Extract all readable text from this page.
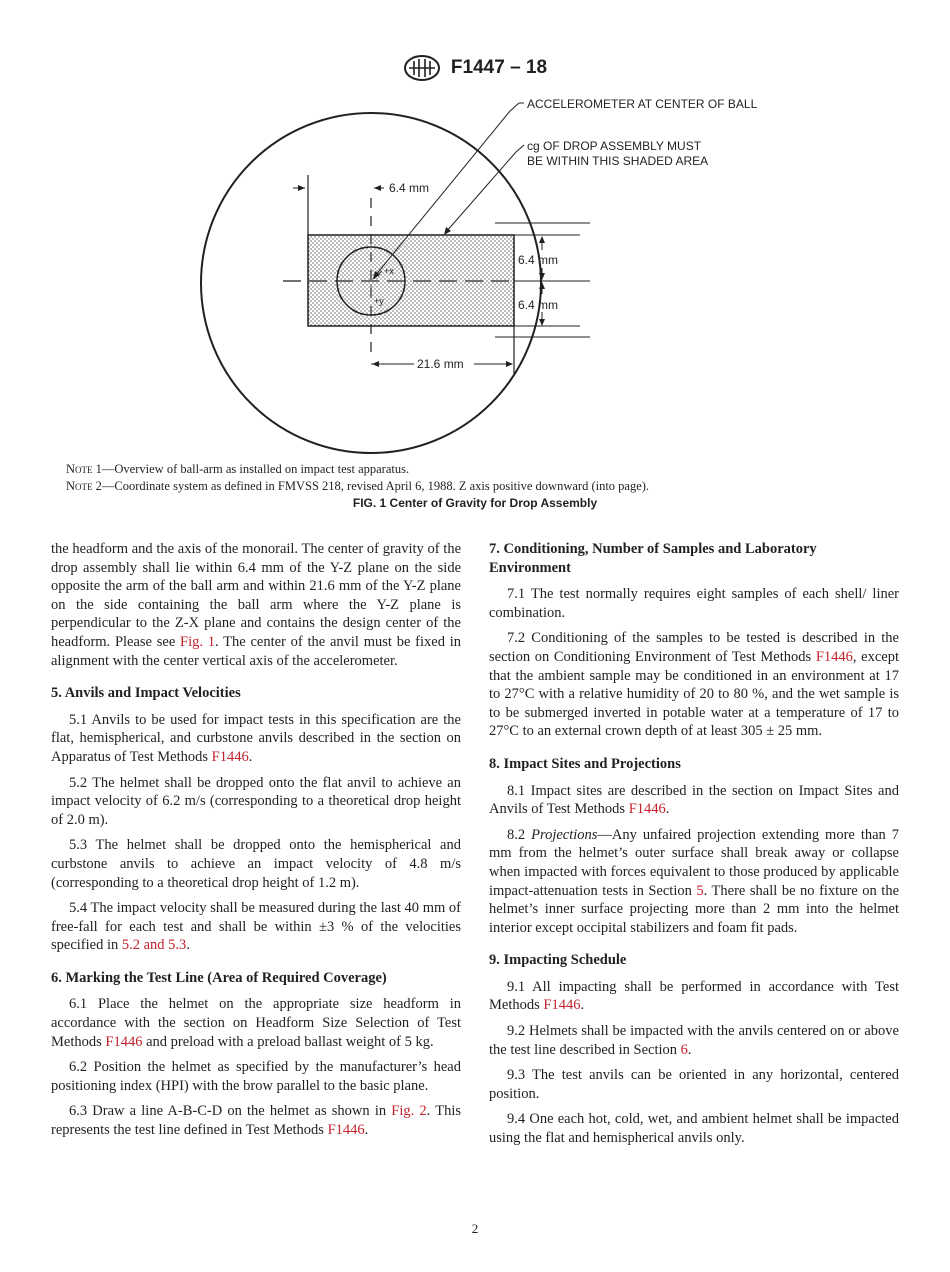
F1447 – 18
6.4 mm
6.4 mm
6.4 mm
21.6 mm
+x
+y
ACCELEROMETER AT CENTER OF BALL
cg OF DROP ASSEMBLY MUST
BE WITHIN THIS SHADED AREA
Note 1—Overview of ball-arm as installed on impact test apparatus.
Note 2—Coordinate system as defined in FMVSS 218, revised April 6, 1988. Z axis positive downward (into page).
FIG. 1 Center of Gravity for Drop Assembly

the headform and the axis of the monorail. The center of gravity of the drop assembly shall lie within 6.4 mm of the Y-Z plane on the side opposite the arm of the ball arm and within 21.6 mm of the Y-Z plane on the side containing the ball arm where the Y-Z plane is perpendicular to the Z-X plane and contains the design center of the headform. Please see Fig. 1. The center of the anvil must be fixed in alignment with the center vertical axis of the accelerometer.

5. Anvils and Impact Velocities

5.1 Anvils to be used for impact tests in this specification are the flat, hemispherical, and curbstone anvils described in the section on Apparatus of Test Methods F1446.

5.2 The helmet shall be dropped onto the flat anvil to achieve an impact velocity of 6.2 m/s (corresponding to a theoretical drop height of 2.0 m).

5.3 The helmet shall be dropped onto the hemispherical and curbstone anvils to achieve an impact velocity of 4.8 m/s (corresponding to a theoretical drop height of 1.2 m).

5.4 The impact velocity shall be measured during the last 40 mm of free-fall for each test and shall be within ±3 % of the velocities specified in 5.2 and 5.3.

6. Marking the Test Line (Area of Required Coverage)

6.1 Place the helmet on the appropriate size headform in accordance with the section on Headform Size Selection of Test Methods F1446 and preload with a preload ballast weight of 5 kg.

6.2 Position the helmet as specified by the manufacturer’s head positioning index (HPI) with the brow parallel to the basic plane.

6.3 Draw a line A-B-C-D on the helmet as shown in Fig. 2. This represents the test line defined in Test Methods F1446.

7. Conditioning, Number of Samples and Laboratory Environment

7.1 The test normally requires eight samples of each shell/ liner combination.

7.2 Conditioning of the samples to be tested is described in the section on Conditioning Environment of Test Methods F1446, except that the ambient sample may be conditioned in an environment at 17 to 27°C with a relative humidity of 20 to 80 %, and the wet sample is to be submerged inverted in potable water at a temperature of 17 to 27°C to an external crown depth of at least 305 ± 25 mm.

8. Impact Sites and Projections

8.1 Impact sites are described in the section on Impact Sites and Anvils of Test Methods F1446.

8.2 Projections—Any unfaired projection extending more than 7 mm from the helmet’s outer surface shall break away or collapse when impacted with forces equivalent to those produced by applicable impact-attenuation tests in Section 5. There shall be no fixture on the helmet’s inner surface projecting more than 2 mm into the helmet interior except occipital stabilizers and foam fit pads.

9. Impacting Schedule

9.1 All impacting shall be performed in accordance with Test Methods F1446.

9.2 Helmets shall be impacted with the anvils centered on or above the test line described in Section 6.

9.3 The test anvils can be oriented in any horizontal, centered position.

9.4 One each hot, cold, wet, and ambient helmet shall be impacted using the flat and hemispherical anvils only.

2
